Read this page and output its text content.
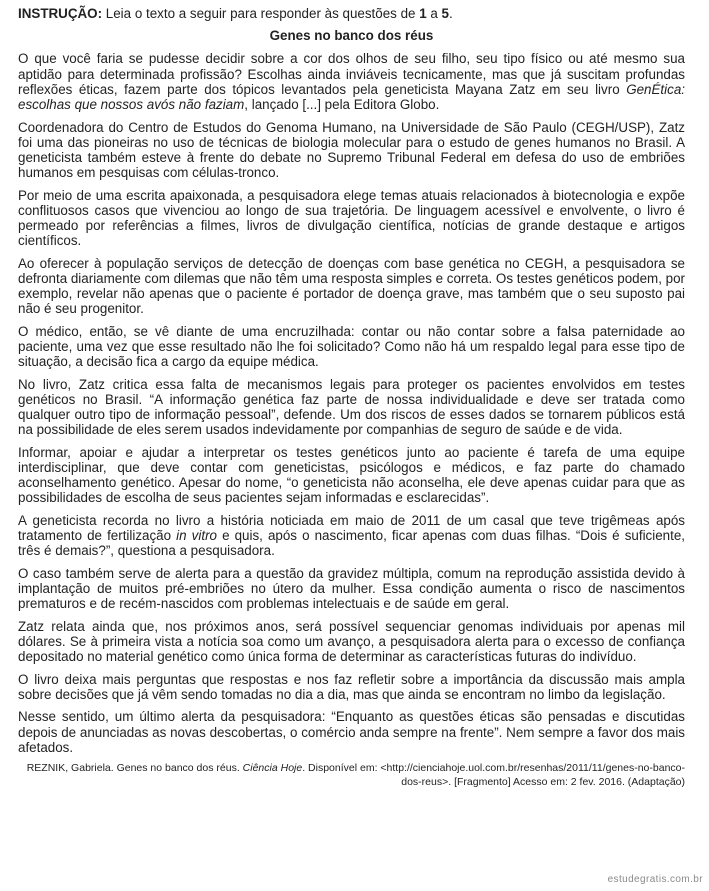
INSTRUÇÃO: Leia o texto a seguir para responder às questões de 1 a 5.

Genes no banco dos réus

O que você faria se pudesse decidir sobre a cor dos olhos de seu filho, seu tipo físico ou até mesmo sua aptidão para determinada profissão? Escolhas ainda inviáveis tecnicamente, mas que já suscitam profundas reflexões éticas, fazem parte dos tópicos levantados pela geneticista Mayana Zatz em seu livro GenÉtica: escolhas que nossos avós não faziam, lançado [...] pela Editora Globo.

Coordenadora do Centro de Estudos do Genoma Humano, na Universidade de São Paulo (CEGH/USP), Zatz foi uma das pioneiras no uso de técnicas de biologia molecular para o estudo de genes humanos no Brasil. A geneticista também esteve à frente do debate no Supremo Tribunal Federal em defesa do uso de embriões humanos em pesquisas com células-tronco.

Por meio de uma escrita apaixonada, a pesquisadora elege temas atuais relacionados à biotecnologia e expõe conflituosos casos que vivenciou ao longo de sua trajetória. De linguagem acessível e envolvente, o livro é permeado por referências a filmes, livros de divulgação científica, notícias de grande destaque e artigos científicos.

Ao oferecer à população serviços de detecção de doenças com base genética no CEGH, a pesquisadora se defronta diariamente com dilemas que não têm uma resposta simples e correta. Os testes genéticos podem, por exemplo, revelar não apenas que o paciente é portador de doença grave, mas também que o seu suposto pai não é seu progenitor.

O médico, então, se vê diante de uma encruzilhada: contar ou não contar sobre a falsa paternidade ao paciente, uma vez que esse resultado não lhe foi solicitado? Como não há um respaldo legal para esse tipo de situação, a decisão fica a cargo da equipe médica.

No livro, Zatz critica essa falta de mecanismos legais para proteger os pacientes envolvidos em testes genéticos no Brasil. “A informação genética faz parte de nossa individualidade e deve ser tratada como qualquer outro tipo de informação pessoal”, defende. Um dos riscos de esses dados se tornarem públicos está na possibilidade de eles serem usados indevidamente por companhias de seguro de saúde e de vida.

Informar, apoiar e ajudar a interpretar os testes genéticos junto ao paciente é tarefa de uma equipe interdisciplinar, que deve contar com geneticistas, psicólogos e médicos, e faz parte do chamado aconselhamento genético. Apesar do nome, “o geneticista não aconselha, ele deve apenas cuidar para que as possibilidades de escolha de seus pacientes sejam informadas e esclarecidas”.

A geneticista recorda no livro a história noticiada em maio de 2011 de um casal que teve trigêmeas após tratamento de fertilização in vitro e quis, após o nascimento, ficar apenas com duas filhas. “Dois é suficiente, três é demais?”, questiona a pesquisadora.

O caso também serve de alerta para a questão da gravidez múltipla, comum na reprodução assistida devido à implantação de muitos pré-embriões no útero da mulher. Essa condição aumenta o risco de nascimentos prematuros e de recém-nascidos com problemas intelectuais e de saúde em geral.

Zatz relata ainda que, nos próximos anos, será possível sequenciar genomas individuais por apenas mil dólares. Se à primeira vista a notícia soa como um avanço, a pesquisadora alerta para o excesso de confiança depositado no material genético como única forma de determinar as características futuras do indivíduo.

O livro deixa mais perguntas que respostas e nos faz refletir sobre a importância da discussão mais ampla sobre decisões que já vêm sendo tomadas no dia a dia, mas que ainda se encontram no limbo da legislação.

Nesse sentido, um último alerta da pesquisadora: “Enquanto as questões éticas são pensadas e discutidas depois de anunciadas as novas descobertas, o comércio anda sempre na frente”. Nem sempre a favor dos mais afetados.

REZNIK, Gabriela. Genes no banco dos réus. Ciência Hoje. Disponível em: <http://cienciahoje.uol.com.br/resenhas/2011/11/genes-no-banco-dos-reus>. [Fragmento] Acesso em: 2 fev. 2016. (Adaptação)
estudegratis.com.br
